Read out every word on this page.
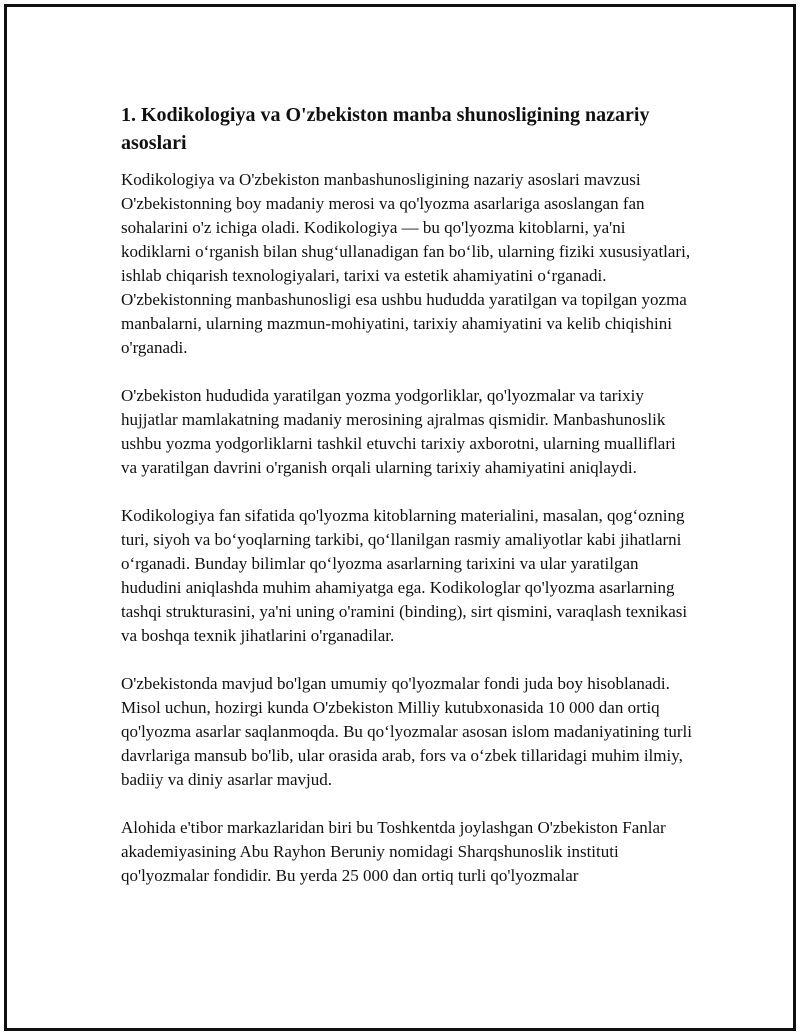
1. Kodikologiya va O'zbekiston manba shunosligining nazariy asoslari

Kodikologiya va O'zbekiston manbashunosligining nazariy asoslari mavzusi O'zbekistonning boy madaniy merosi va qo'lyozma asarlariga asoslangan fan sohalarini o'z ichiga oladi. Kodikologiya — bu qo'lyozma kitoblarni, ya'ni kodiklarni o‘rganish bilan shug‘ullanadigan fan bo‘lib, ularning fiziki xususiyatlari, ishlab chiqarish texnologiyalari, tarixi va estetik ahamiyatini o‘rganadi. O'zbekistonning manbashunosligi esa ushbu hududda yaratilgan va topilgan yozma manbalarni, ularning mazmun-mohiyatini, tarixiy ahamiyatini va kelib chiqishini o'rganadi.

O'zbekiston hududida yaratilgan yozma yodgorliklar, qo'lyozmalar va tarixiy hujjatlar mamlakatning madaniy merosining ajralmas qismidir. Manbashunoslik ushbu yozma yodgorliklarni tashkil etuvchi tarixiy axborotni, ularning mualliflari va yaratilgan davrini o'rganish orqali ularning tarixiy ahamiyatini aniqlaydi.

Kodikologiya fan sifatida qo'lyozma kitoblarning materialini, masalan, qog‘ozning turi, siyoh va bo‘yoqlarning tarkibi, qo‘llanilgan rasmiy amaliyotlar kabi jihatlarni o‘rganadi. Bunday bilimlar qo‘lyozma asarlarning tarixini va ular yaratilgan hududini aniqlashda muhim ahamiyatga ega. Kodikologlar qo'lyozma asarlarning tashqi strukturasini, ya'ni uning o'ramini (binding), sirt qismini, varaqlash texnikasi va boshqa texnik jihatlarini o'rganadilar.

O'zbekistonda mavjud bo'lgan umumiy qo'lyozmalar fondi juda boy hisoblanadi. Misol uchun, hozirgi kunda O'zbekiston Milliy kutubxonasida 10 000 dan ortiq qo'lyozma asarlar saqlanmoqda. Bu qo‘lyozmalar asosan islom madaniyatining turli davrlariga mansub bo'lib, ular orasida arab, fors va o‘zbek tillaridagi muhim ilmiy, badiiy va diniy asarlar mavjud.

Alohida e'tibor markazlaridan biri bu Toshkentda joylashgan O'zbekiston Fanlar akademiyasining Abu Rayhon Beruniy nomidagi Sharqshunoslik instituti qo'lyozmalar fondidir. Bu yerda 25 000 dan ortiq turli qo'lyozmalar
